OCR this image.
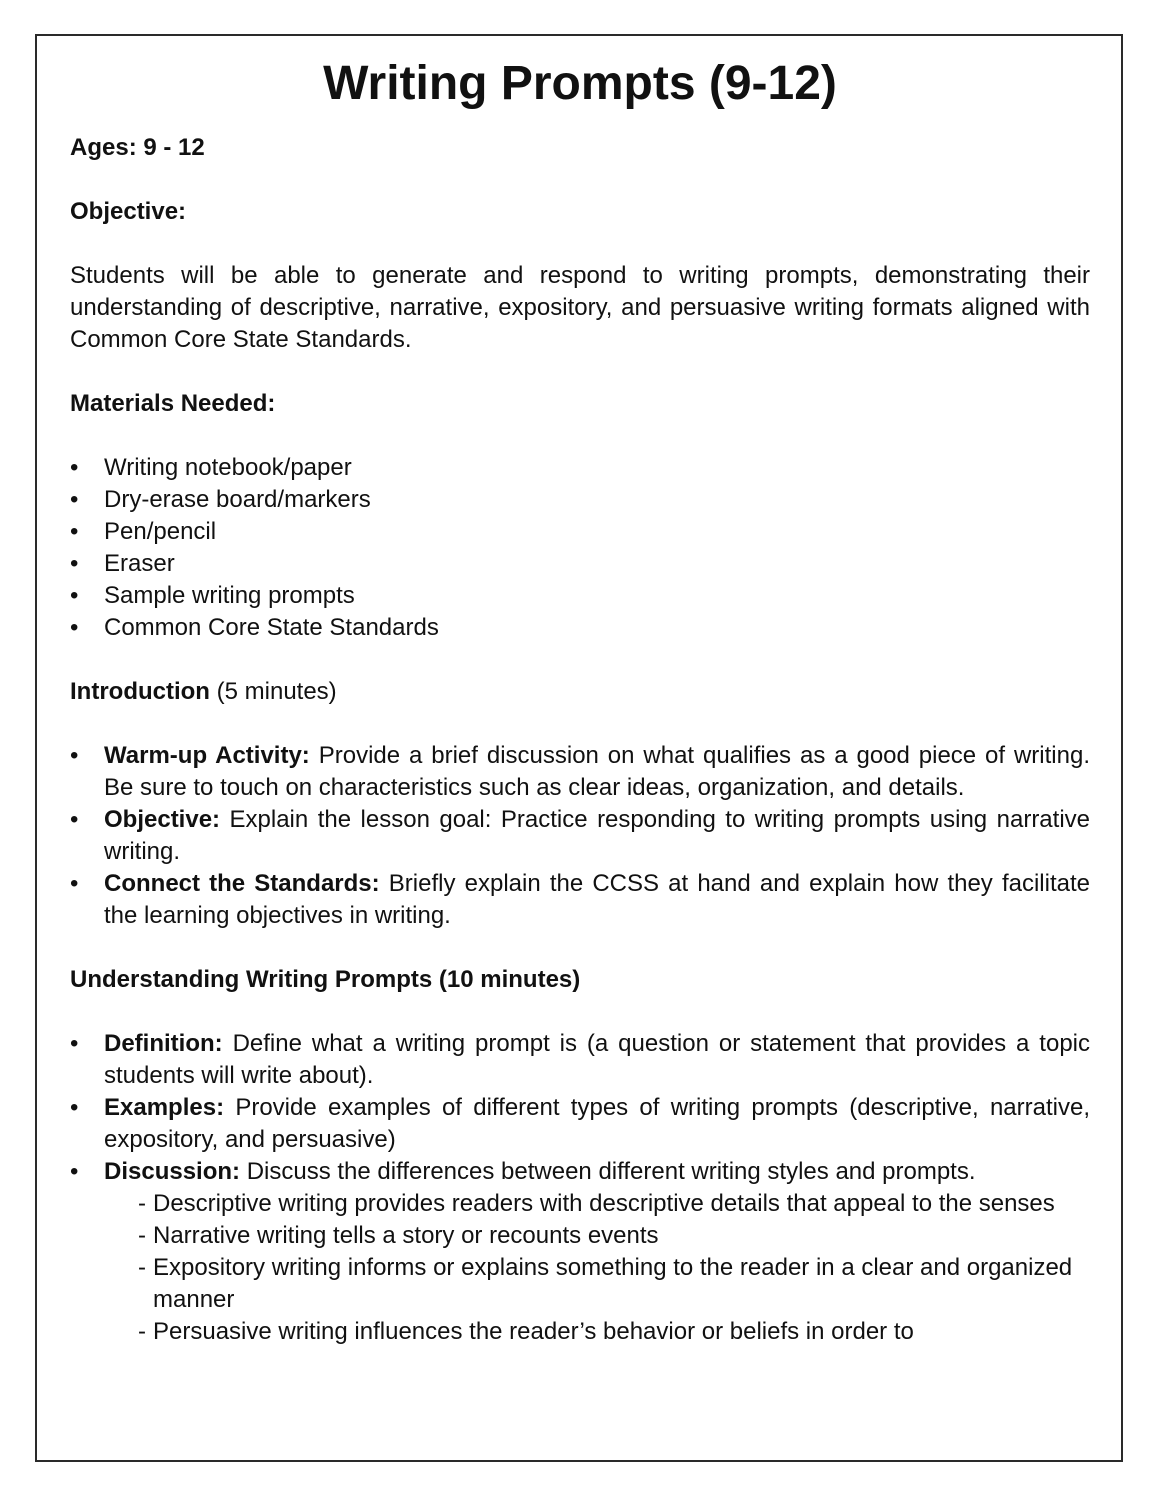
Writing Prompts (9-12)

Ages: 9 - 12

Objective:

Students will be able to generate and respond to writing prompts, demonstrating their understanding of descriptive, narrative, expository, and persuasive writing formats aligned with Common Core State Standards.

Materials Needed:

• Writing notebook/paper
• Dry-erase board/markers
• Pen/pencil
• Eraser
• Sample writing prompts
• Common Core State Standards

Introduction (5 minutes)

• Warm-up Activity: Provide a brief discussion on what qualifies as a good piece of writing. Be sure to touch on characteristics such as clear ideas, organization, and details.
• Objective: Explain the lesson goal: Practice responding to writing prompts using narrative writing.
• Connect the Standards: Briefly explain the CCSS at hand and explain how they facilitate the learning objectives in writing.

Understanding Writing Prompts (10 minutes)

• Definition: Define what a writing prompt is (a question or statement that provides a topic students will write about).
• Examples: Provide examples of different types of writing prompts (descriptive, narrative, expository, and persuasive)
• Discussion: Discuss the differences between different writing styles and prompts.
- Descriptive writing provides readers with descriptive details that appeal to the senses
- Narrative writing tells a story or recounts events
- Expository writing informs or explains something to the reader in a clear and organized manner
- Persuasive writing influences the reader’s behavior or beliefs in order to
